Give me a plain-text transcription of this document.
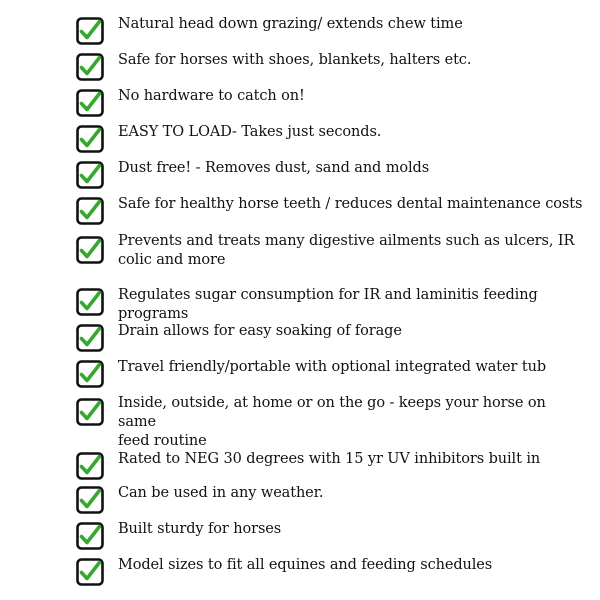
Natural head down grazing/ extends chew time
Safe for horses with shoes, blankets, halters etc.
No hardware to catch on!
EASY TO LOAD- Takes just seconds.
Dust free! - Removes dust, sand and molds
Safe for healthy horse teeth / reduces dental maintenance costs
Prevents and treats many digestive ailments such as ulcers, IR
colic and more
Regulates sugar consumption for IR and laminitis feeding programs
Drain allows for easy soaking of forage
Travel friendly/portable with optional integrated water tub
Inside, outside, at home or on the go - keeps your horse on same
feed routine
Rated to NEG 30 degrees with 15 yr UV inhibitors built in
Can be used in any weather.
Built sturdy for horses
Model sizes to fit all equines and feeding schedules
